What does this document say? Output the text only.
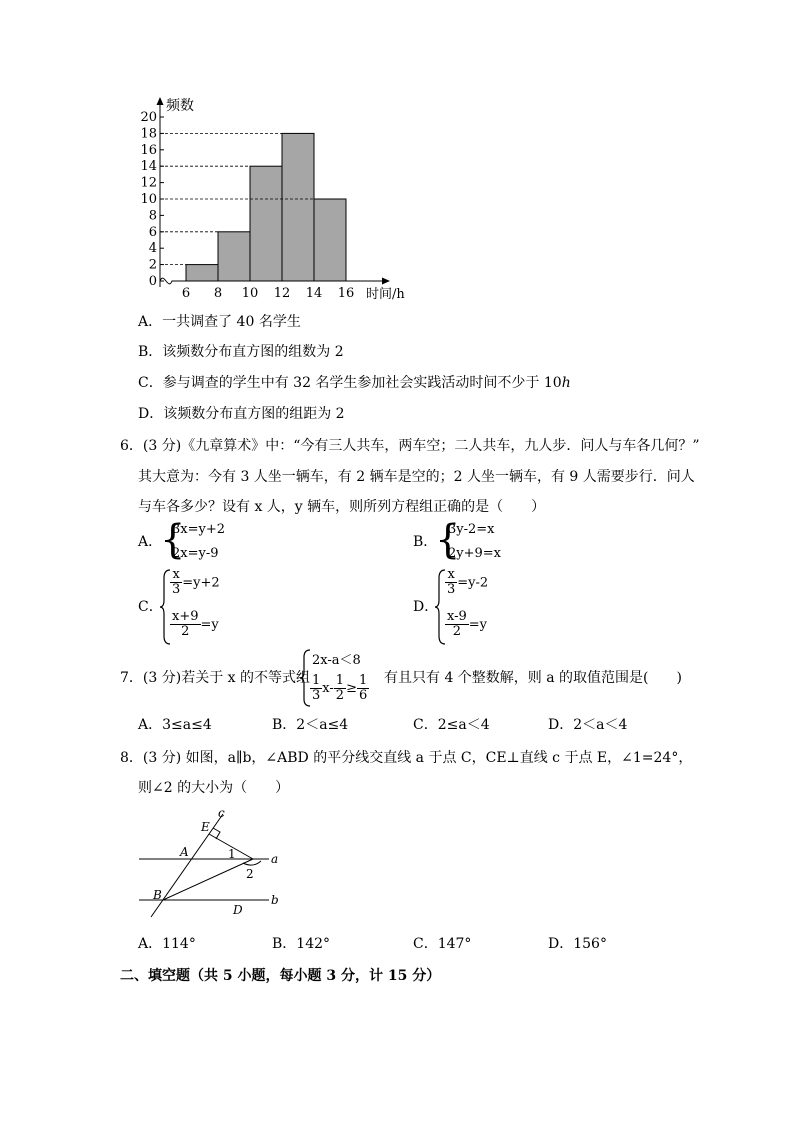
0
2
4
6
8
10
12
14
16
18
20
6 8 10 12 14 16
频数
时间/h
A．一共调查了 40 名学生
B．该频数分布直方图的组数为 2
C．参与调查的学生中有 32 名学生参加社会实践活动时间不少于 10h
D．该频数分布直方图的组距为 2
6．(3 分)《九章算术》中：“今有三人共车，两车空；二人共车，九人步．问人与车各几何？”
其大意为：今有 3 人坐一辆车，有 2 辆车是空的；2 人坐一辆车，有 9 人需要步行．问人
与车各多少？设有 x 人，y 辆车，则所列方程组正确的是（　　）
A．
{
3x=y+2
2x=y-9
B．
{
3y-2=x
2y+9=x
C．
$\frac{x}{3} =y+2$
$\frac{x+9}{2} =y$
D．
$\frac{x}{3} =y-2$
$\frac{x-9}{2} =y$
7．(3 分)若关于 x 的不等式组
2x-a＜8
$\frac{1}{3} x- \frac{1}{2} \ge \frac{1}{6}$ 有且只有 4 个整数解，则 a 的取值范围是(　　)
A．3≤a≤4	B．2＜a≤4	C．2≤a＜4	D．2＜a＜4
8．(3 分) 如图，a∥b，∠ABD 的平分线交直线 a 于点 C，CE⊥直线 c 于点 E，∠1=24°，
则∠2 的大小为（　　）
c
E
A	1	a
2
B
D
b
A．114°	B．142°	C．147°	D．156°
二、填空题（共 5 小题，每小题 3 分，计 15 分）
